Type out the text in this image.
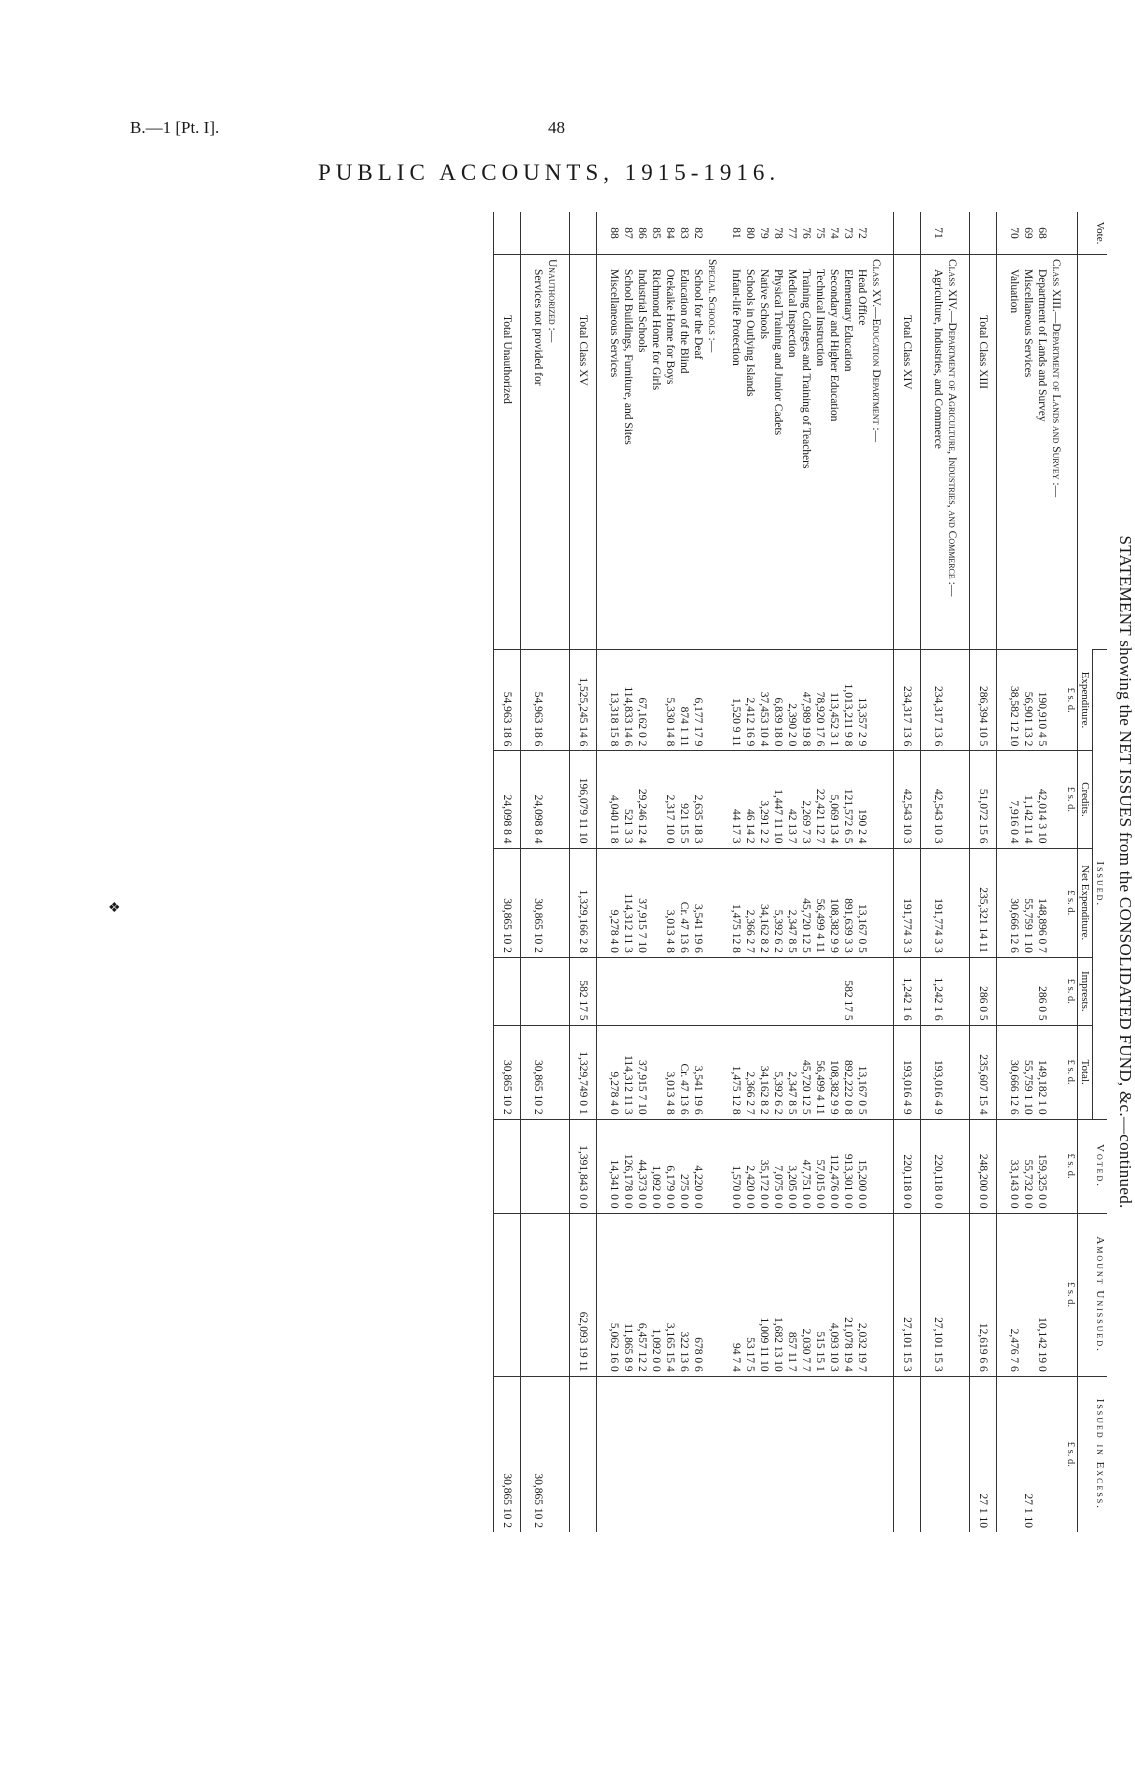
B.—1 [Pt. I].	48
PUBLIC ACCOUNTS, 1915-1916.
❖	STATEMENT showing the NET ISSUES from the CONSOLIDATED FUND, &c.—continued.
Vote.		Issued.					Voted.	Amount Unissued.	Issued in Excess.
		Expenditure.	Credits.	Net Expenditure.	Imprests.	Total.			
		£ s. d.	£ s. d.	£ s. d.	£ s. d.	£ s. d.	£ s. d.	£ s. d.	£ s. d.
	Class XIII.—Department of Lands and Survey :—								
68	Department of Lands and Survey	190,910 4 5	42,014 3 10	148,896 0 7	286 0 5	149,182 1 0	159,325 0 0	10,142 19 0	
69	Miscellaneous Services	56,901 13 2	1,142 11 4	55,759 1 10		55,759 1 10	55,732 0 0		27 1 10
70	Valuation	38,582 12 10	7,916 0 4	30,666 12 6		30,666 12 6	33,143 0 0	2,476 7 6	

	Total Class XIII	286,394 10 5	51,072 15 6	235,321 14 11	286 0 5	235,607 15 4	248,200 0 0	12,619 6 6	27 1 10

	Class XIV.—Department of Agriculture, Industries, and Commerce :—								
71	Agriculture, Industries, and Commerce	234,317 13 6	42,543 10 3	191,774 3 3	1,242 1 6	193,016 4 9	220,118 0 0	27,101 15 3	

	Total Class XIV	234,317 13 6	42,543 10 3	191,774 3 3	1,242 1 6	193,016 4 9	220,118 0 0	27,101 15 3	

	Class XV.—Education Department :—								
72	Head Office	13,357 2 9	190 2 4	13,167 0 5		13,167 0 5	15,200 0 0	2,032 19 7	
73	Elementary Education	1,013,211 9 8	121,572 6 5	891,639 3 3	582 17 5	892,222 0 8	913,301 0 0	21,078 19 4	
74	Secondary and Higher Education	113,452 3 1	5,069 13 4	108,382 9 9		108,382 9 9	112,476 0 0	4,093 10 3	
75	Technical Instruction	78,920 17 6	22,421 12 7	56,499 4 11		56,499 4 11	57,015 0 0	515 15 1	
76	Training Colleges and Training of Teachers	47,989 19 8	2,269 7 3	45,720 12 5		45,720 12 5	47,751 0 0	2,030 7 7	
77	Medical Inspection	2,390 2 0	42 13 7	2,347 8 5		2,347 8 5	3,205 0 0	857 11 7	
78	Physical Training and Junior Cadets	6,839 18 0	1,447 11 10	5,392 6 2		5,392 6 2	7,075 0 0	1,682 13 10	
79	Native Schools	37,453 10 4	3,291 2 2	34,162 8 2		34,162 8 2	35,172 0 0	1,009 11 10	
80	Schools in Outlying Islands	2,412 16 9	46 14 2	2,366 2 7		2,366 2 7	2,420 0 0	53 17 5	
81	Infant-life Protection	1,520 9 11	44 17 3	1,475 12 8		1,475 12 8	1,570 0 0	94 7 4	

	Special Schools :—								
82	School for the Deaf	6,177 17 9	2,635 18 3	3,541 19 6		3,541 19 6	4,220 0 0	678 0 6	
83	Education of the Blind	874 1 11	921 15 5	Cr. 47 13 6		Cr. 47 13 6	275 0 0	322 13 6	
84	Otekaike Home for Boys	5,330 14 8	2,317 10 0	3,013 4 8		3,013 4 8	6,179 0 0	3,165 15 4	
85	Richmond Home for Girls						1,092 0 0	1,092 0 0	
86	Industrial Schools	67,162 0 2	29,246 12 4	37,915 7 10		37,915 7 10	44,373 0 0	6,457 12 2	
87	School Buildings, Furniture, and Sites	114,833 14 6	521 3 3	114,312 11 3		114,312 11 3	126,178 0 0	11,865 8 9	
88	Miscellaneous Services	13,318 15 8	4,040 11 8	9,278 4 0		9,278 4 0	14,341 0 0	5,062 16 0	

	Total Class XV	1,525,245 14 6	196,079 11 10	1,329,166 2 8	582 17 5	1,329,749 0 1	1,391,843 0 0	62,093 19 11	

	Unauthorized :—								
	Services not provided for	54,963 18 6	24,098 8 4	30,865 10 2		30,865 10 2			30,865 10 2

	Total Unauthorized	54,963 18 6	24,098 8 4	30,865 10 2		30,865 10 2			30,865 10 2
